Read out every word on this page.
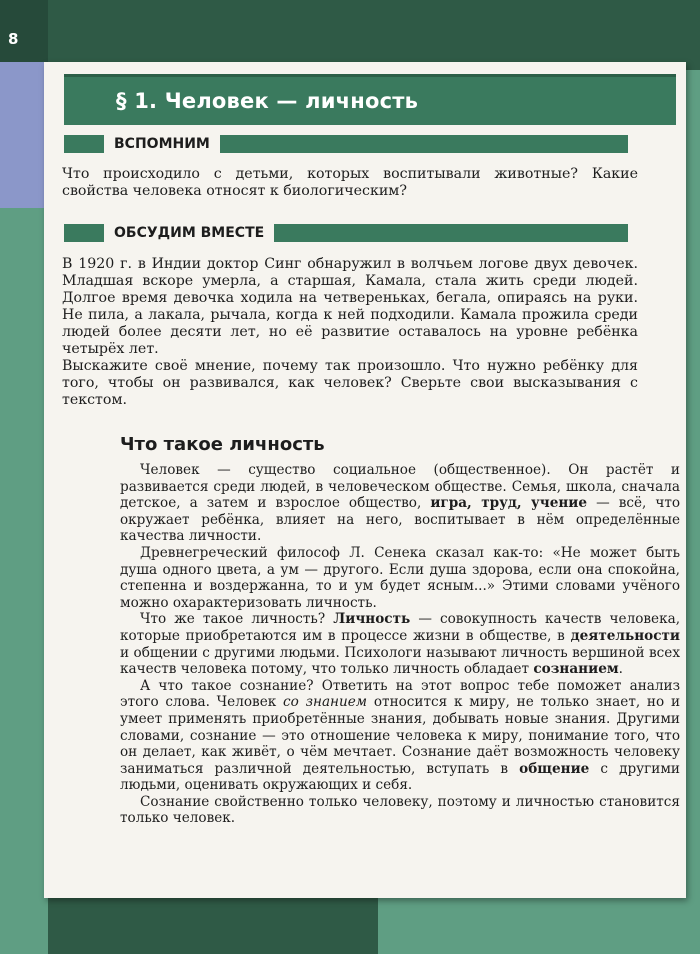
8
§ 1. Человек — личность
ВСПОМНИМ

Что происходило с детьми, которых воспитывали животные? Какие свойства человека относят к биологическим?

ОБСУДИМ ВМЕСТЕ

В 1920 г. в Индии доктор Синг обнаружил в волчьем логове двух девочек. Младшая вскоре умерла, а старшая, Камала, стала жить среди людей. Долгое время девочка ходила на четвереньках, бегала, опираясь на руки. Не пила, а лакала, рычала, когда к ней подходили. Камала прожила среди людей более десяти лет, но её развитие оставалось на уровне ребёнка четырёх лет.

Выскажите своё мнение, почему так произошло. Что нужно ребёнку для того, чтобы он развивался, как человек? Сверьте свои высказывания с текстом.

Что такое личность

Человек — существо социальное (общественное). Он растёт и развивается среди людей, в человеческом обществе. Семья, школа, сначала детское, а затем и взрослое общество, игра, труд, учение — всё, что окружает ребёнка, влияет на него, воспитывает в нём определённые качества личности.

Древнегреческий философ Л. Сенека сказал как-то: «Не может быть душа одного цвета, а ум — другого. Если душа здорова, если она спокойна, степенна и воздержанна, то и ум будет ясным...» Этими словами учёного можно охарактеризовать личность.

Что же такое личность? Личность — совокупность качеств человека, которые приобретаются им в процессе жизни в обществе, в деятельности и общении с другими людьми. Психологи называют личность вершиной всех качеств человека потому, что только личность обладает сознанием.

А что такое сознание? Ответить на этот вопрос тебе поможет анализ этого слова. Человек со знанием относится к миру, не только знает, но и умеет применять приобретённые знания, добывать новые знания. Другими словами, сознание — это отношение человека к миру, понимание того, что он делает, как живёт, о чём мечтает. Сознание даёт возможность человеку заниматься различной деятельностью, вступать в общение с другими людьми, оценивать окружающих и себя.

Сознание свойственно только человеку, поэтому и личностью становится только человек.
